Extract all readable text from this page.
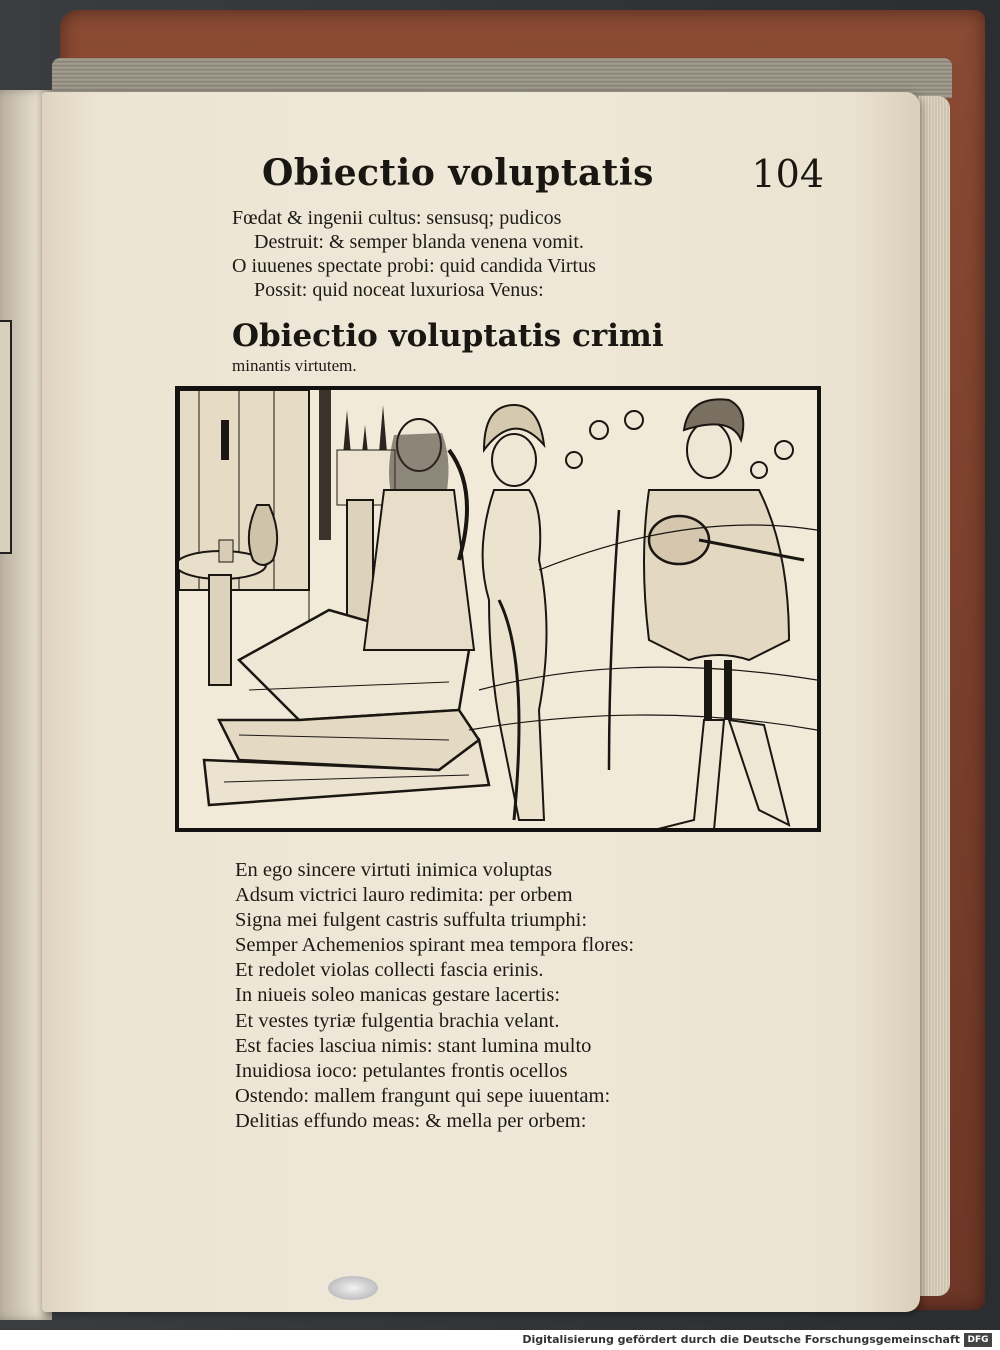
Obiectio voluptatis	104
Fœdat & ingenii cultus: sensusq; pudicos
Destruit: & semper blanda venena vomit.
O iuuenes spectate probi: quid candida Virtus
Possit: quid noceat luxuriosa Venus:
Obiectio voluptatis crimi
minantis virtutem.
En ego sincere virtuti inimica voluptas
Adsum victrici lauro redimita: per orbem
Signa mei fulgent castris suffulta triumphi:
Semper Achemenios spirant mea tempora flores:
Et redolet violas collecti fascia erinis.
In niueis soleo manicas gestare lacertis:
Et vestes tyriæ fulgentia brachia velant.
Est facies lasciua nimis: stant lumina multo
Inuidiosa ioco: petulantes frontis ocellos
Ostendo: mallem frangunt qui sepe iuuentam:
Delitias effundo meas: & mella per orbem:
Digitalisierung gefördert durch die Deutsche Forschungsgemeinschaft DFG
